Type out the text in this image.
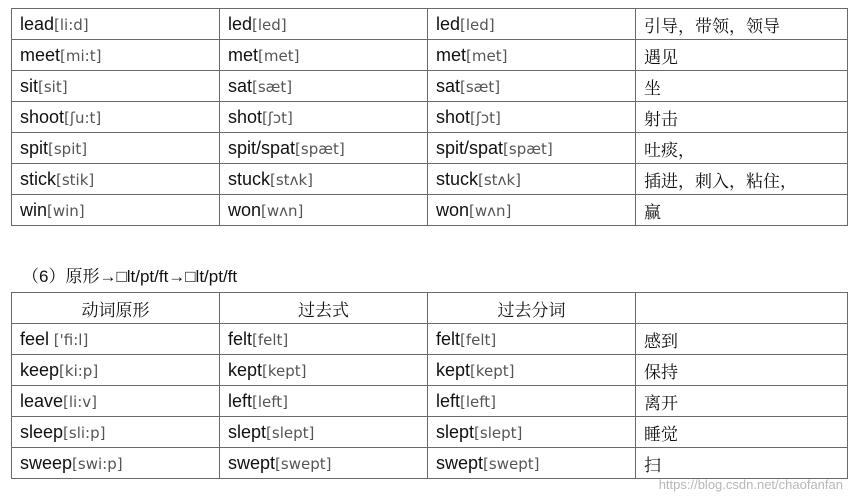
lead[li:d]	led[led]	led[led]	引导，带领，领导
meet[mi:t]	met[met]	met[met]	遇见
sit[sit]	sat[sæt]	sat[sæt]	坐
shoot[ʃu:t]	shot[ʃɔt]	shot[ʃɔt]	射击
spit[spit]	spit/spat[spæt]	spit/spat[spæt]	吐痰，
stick[stik]	stuck[stʌk]	stuck[stʌk]	插进，刺入，粘住，
win[win]	won[wʌn]	won[wʌn]	赢
（6）原形→□lt/pt/ft→□lt/pt/ft
动词原形	过去式	过去分词	
feel ['fi:l]	felt[felt]	felt[felt]	感到
keep[ki:p]	kept[kept]	kept[kept]	保持
leave[li:v]	left[left]	left[left]	离开
sleep[sli:p]	slept[slept]	slept[slept]	睡觉
sweep[swi:p]	swept[swept]	swept[swept]	扫
https://blog.csdn.net/chaofanfan
